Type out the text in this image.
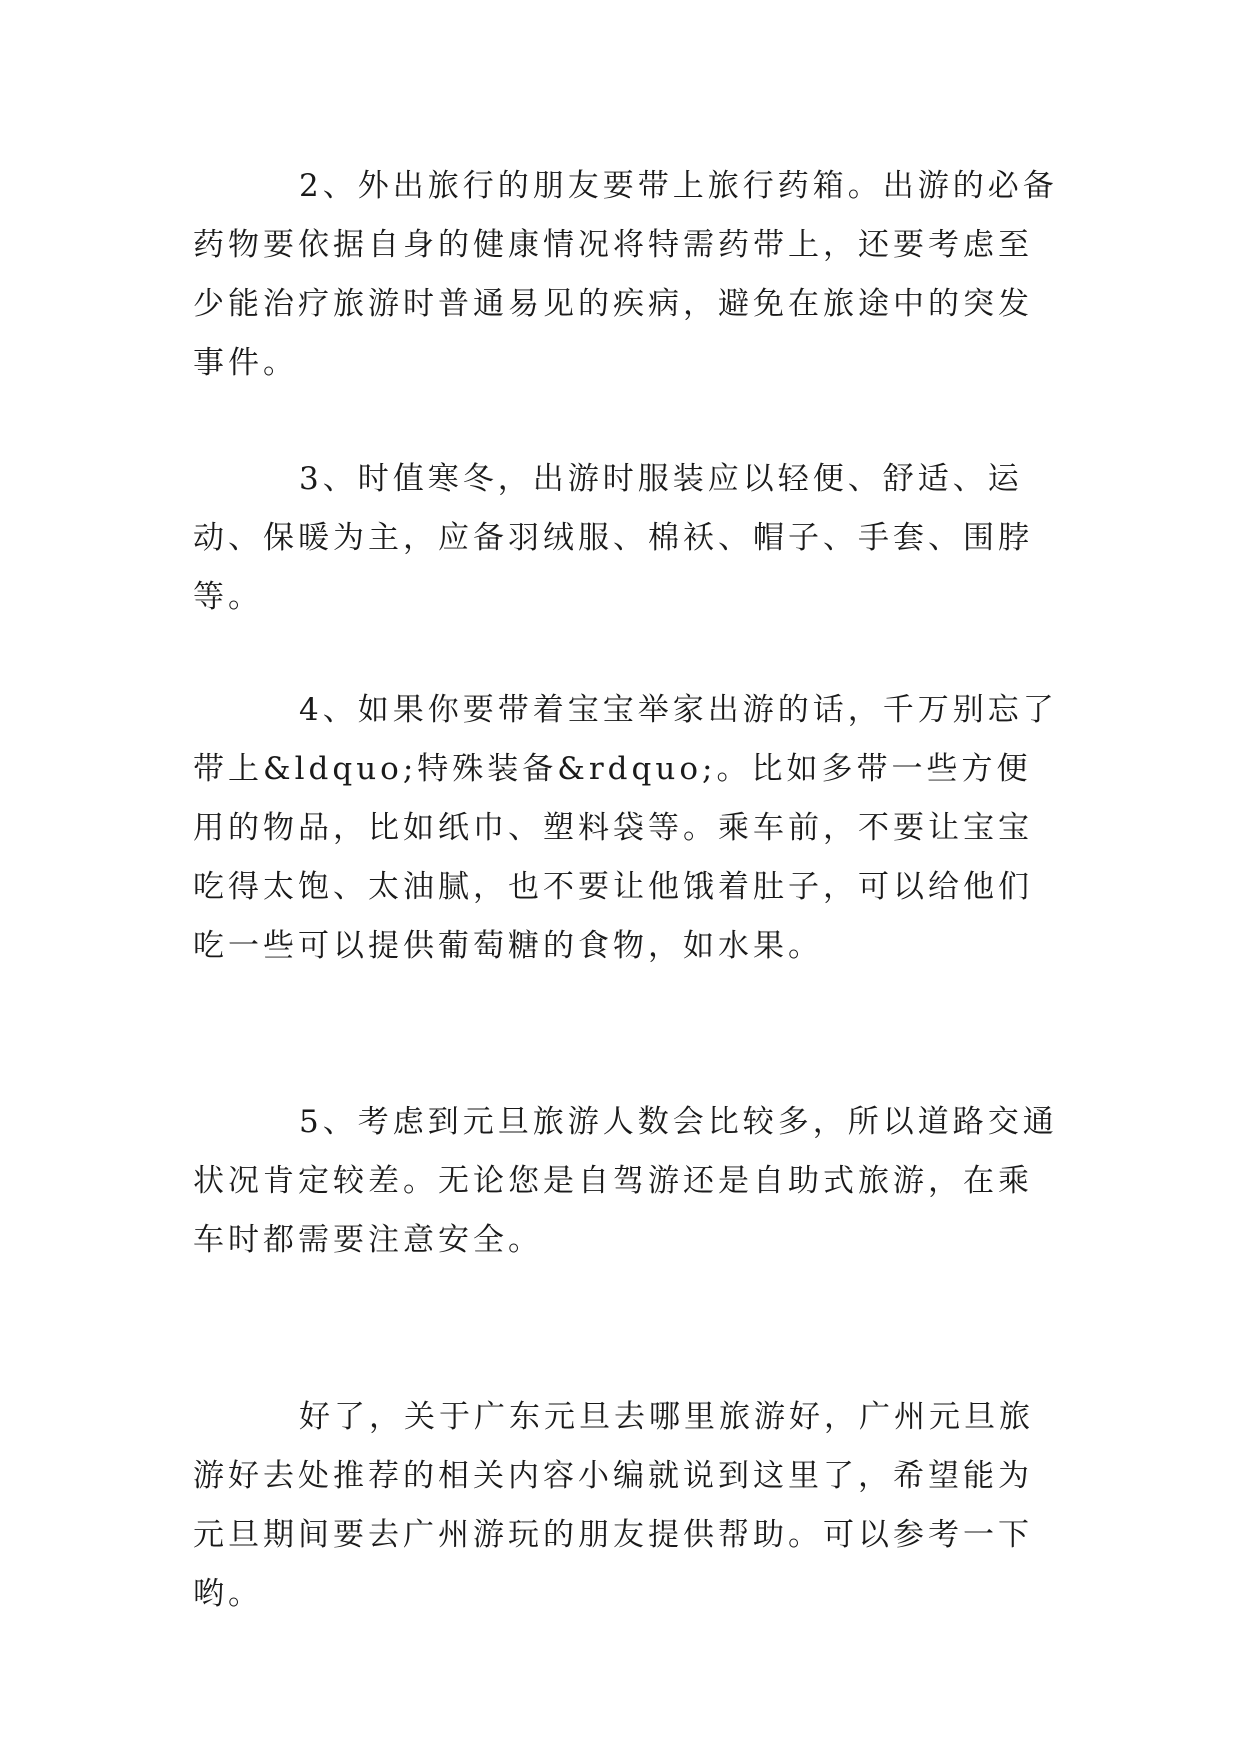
2、外出旅行的朋友要带上旅行药箱。出游的必备药物要依据自身的健康情况将特需药带上，还要考虑至少能治疗旅游时普通易见的疾病，避免在旅途中的突发事件。

3、时值寒冬，出游时服装应以轻便、舒适、运动、保暖为主，应备羽绒服、棉袄、帽子、手套、围脖等。

4、如果你要带着宝宝举家出游的话，千万别忘了带上&ldquo;特殊装备&rdquo;。比如多带一些方便用的物品，比如纸巾、塑料袋等。乘车前，不要让宝宝吃得太饱、太油腻，也不要让他饿着肚子，可以给他们吃一些可以提供葡萄糖的食物，如水果。

5、考虑到元旦旅游人数会比较多，所以道路交通状况肯定较差。无论您是自驾游还是自助式旅游，在乘车时都需要注意安全。

好了，关于广东元旦去哪里旅游好，广州元旦旅游好去处推荐的相关内容小编就说到这里了，希望能为元旦期间要去广州游玩的朋友提供帮助。可以参考一下哟。
